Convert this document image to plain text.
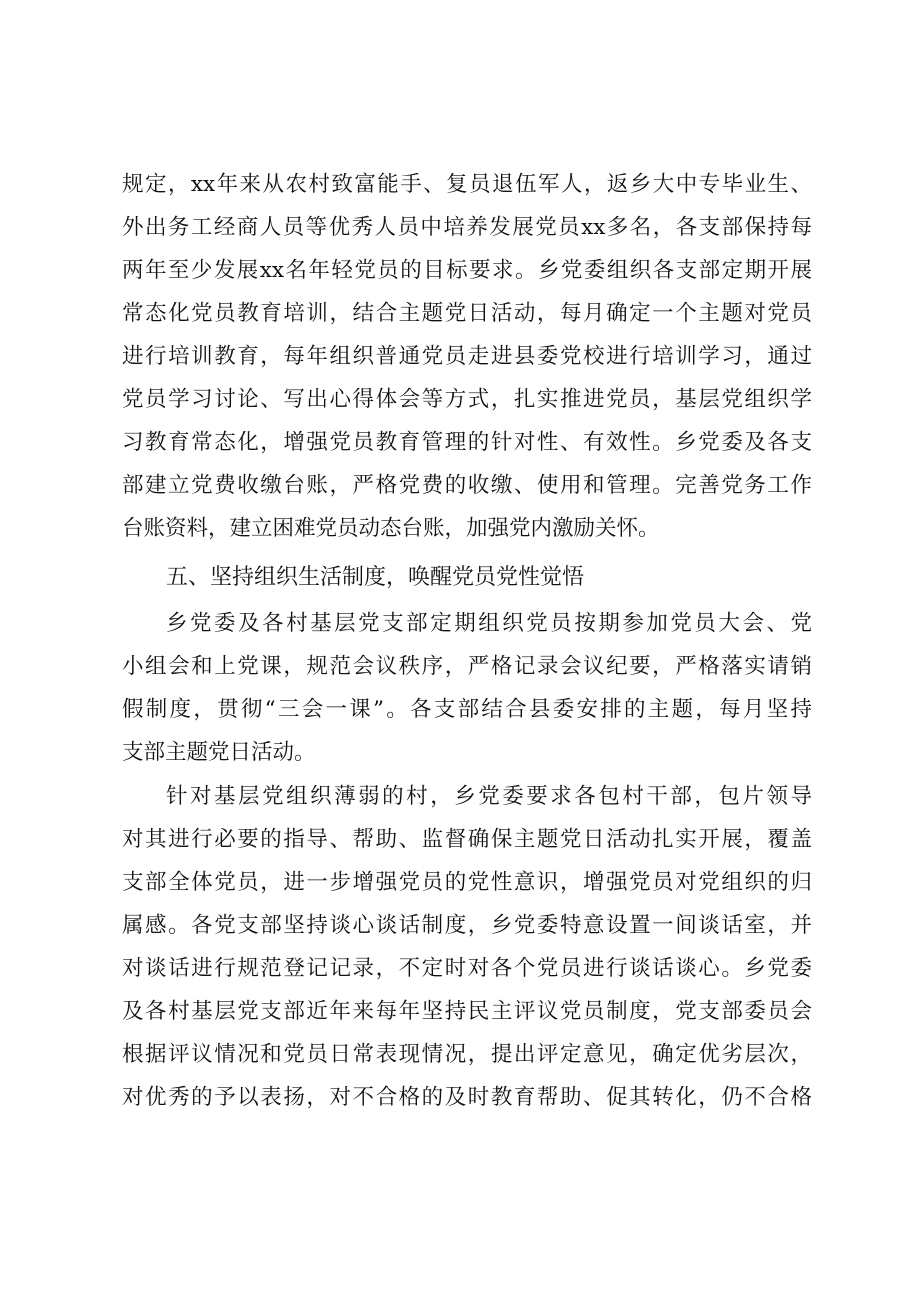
规定，xx年来从农村致富能手、复员退伍军人，返乡大中专毕业生、
外出务工经商人员等优秀人员中培养发展党员xx多名，各支部保持每
两年至少发展xx名年轻党员的目标要求。乡党委组织各支部定期开展
常态化党员教育培训，结合主题党日活动，每月确定一个主题对党员
进行培训教育，每年组织普通党员走进县委党校进行培训学习，通过
党员学习讨论、写出心得体会等方式，扎实推进党员，基层党组织学
习教育常态化，增强党员教育管理的针对性、有效性。乡党委及各支
部建立党费收缴台账，严格党费的收缴、使用和管理。完善党务工作
台账资料，建立困难党员动态台账，加强党内激励关怀。
五、坚持组织生活制度，唤醒党员党性觉悟
乡党委及各村基层党支部定期组织党员按期参加党员大会、党
小组会和上党课，规范会议秩序，严格记录会议纪要，严格落实请销
假制度，贯彻“三会一课”。各支部结合县委安排的主题，每月坚持
支部主题党日活动。
针对基层党组织薄弱的村，乡党委要求各包村干部，包片领导
对其进行必要的指导、帮助、监督确保主题党日活动扎实开展，覆盖
支部全体党员，进一步增强党员的党性意识，增强党员对党组织的归
属感。各党支部坚持谈心谈话制度，乡党委特意设置一间谈话室，并
对谈话进行规范登记记录，不定时对各个党员进行谈话谈心。乡党委
及各村基层党支部近年来每年坚持民主评议党员制度，党支部委员会
根据评议情况和党员日常表现情况，提出评定意见，确定优劣层次，
对优秀的予以表扬，对不合格的及时教育帮助、促其转化，仍不合格
